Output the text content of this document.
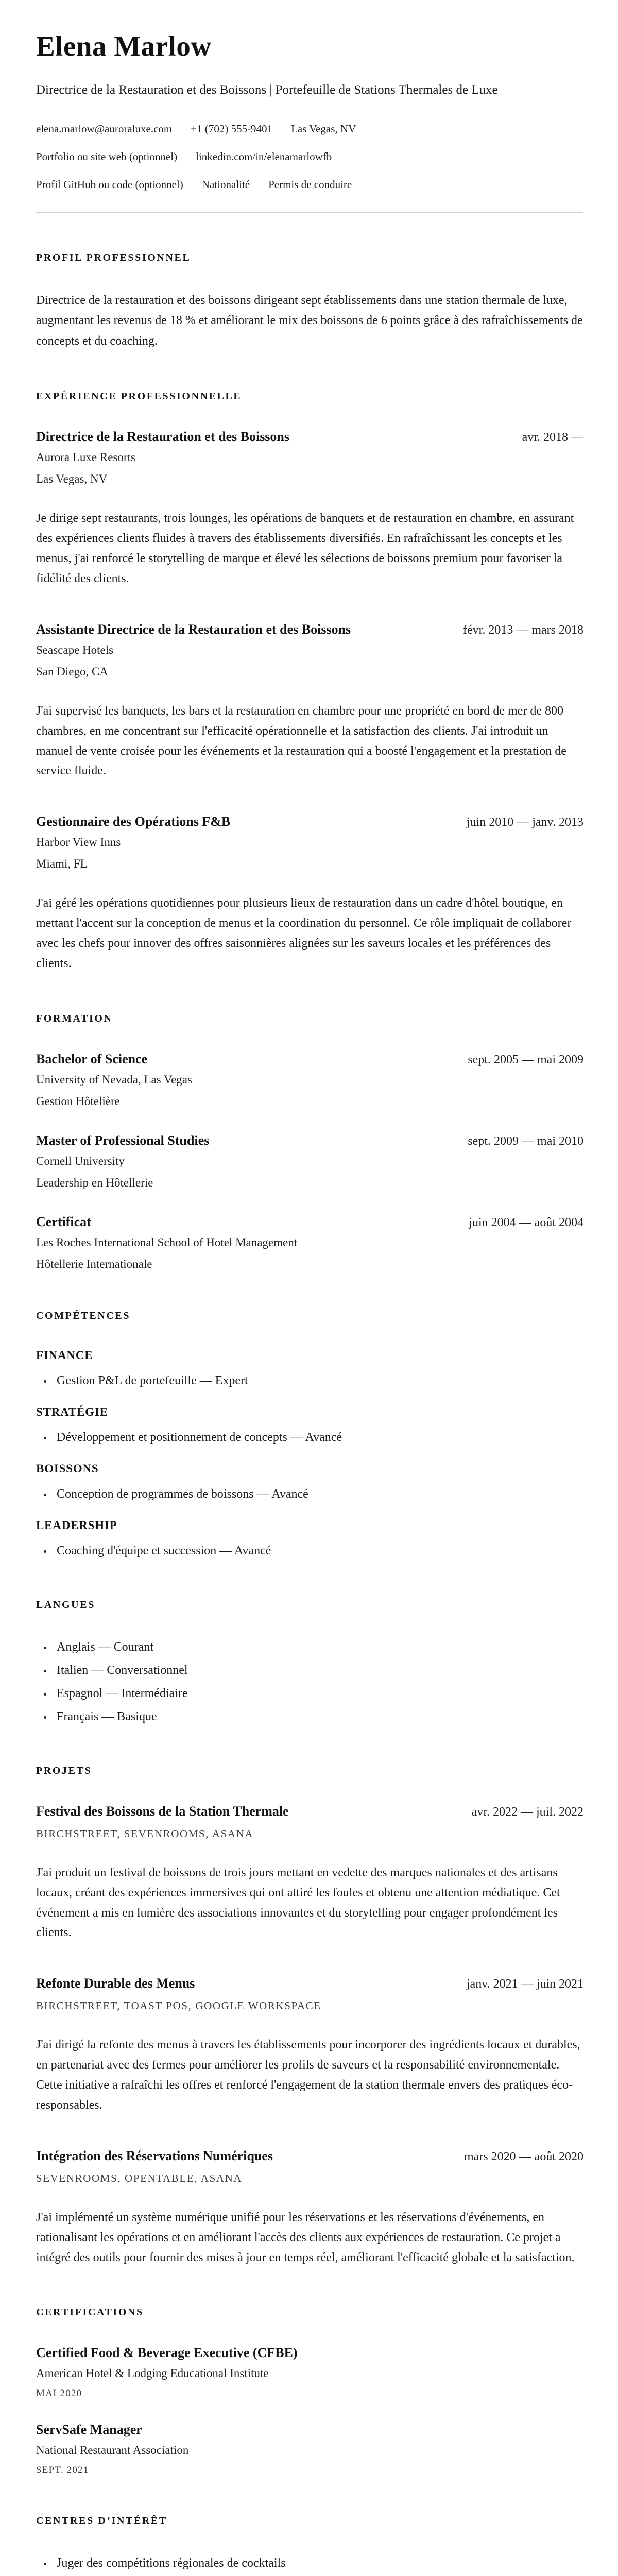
Elena Marlow

Directrice de la Restauration et des Boissons | Portefeuille de Stations Thermales de Luxe

elena.marlow@auroraluxe.com +1 (702) 555-9401 Las Vegas, NV
Portfolio ou site web (optionnel) linkedin.com/in/elenamarlowfb
Profil GitHub ou code (optionnel) Nationalité Permis de conduire
PROFIL PROFESSIONNEL

Directrice de la restauration et des boissons dirigeant sept établissements dans une station thermale de luxe, augmentant les revenus de 18 % et améliorant le mix des boissons de 6 points grâce à des rafraîchissements de concepts et du coaching.

EXPÉRIENCE PROFESSIONNELLE
Directrice de la Restauration et des Boissons	avr. 2018 —

Aurora Luxe Resorts

Las Vegas, NV

Je dirige sept restaurants, trois lounges, les opérations de banquets et de restauration en chambre, en assurant des expériences clients fluides à travers des établissements diversifiés. En rafraîchissant les concepts et les menus, j'ai renforcé le storytelling de marque et élevé les sélections de boissons premium pour favoriser la fidélité des clients.

Assistante Directrice de la Restauration et des Boissons	févr. 2013 — mars 2018

Seascape Hotels

San Diego, CA

J'ai supervisé les banquets, les bars et la restauration en chambre pour une propriété en bord de mer de 800 chambres, en me concentrant sur l'efficacité opérationnelle et la satisfaction des clients. J'ai introduit un manuel de vente croisée pour les événements et la restauration qui a boosté l'engagement et la prestation de service fluide.

Gestionnaire des Opérations F&B	juin 2010 — janv. 2013

Harbor View Inns

Miami, FL

J'ai géré les opérations quotidiennes pour plusieurs lieux de restauration dans un cadre d'hôtel boutique, en mettant l'accent sur la conception de menus et la coordination du personnel. Ce rôle impliquait de collaborer avec les chefs pour innover des offres saisonnières alignées sur les saveurs locales et les préférences des clients.

FORMATION
Bachelor of Science	sept. 2005 — mai 2009

University of Nevada, Las Vegas

Gestion Hôtelière

Master of Professional Studies	sept. 2009 — mai 2010

Cornell University

Leadership en Hôtellerie

Certificat	juin 2004 — août 2004

Les Roches International School of Hotel Management

Hôtellerie Internationale

COMPÉTENCES
FINANCE
• Gestion P&L de portefeuille — Expert
STRATÉGIE
• Développement et positionnement de concepts — Avancé
BOISSONS
• Conception de programmes de boissons — Avancé
LEADERSHIP
• Coaching d'équipe et succession — Avancé
LANGUES
• Anglais — Courant
• Italien — Conversationnel
• Espagnol — Intermédiaire
• Français — Basique
PROJETS
Festival des Boissons de la Station Thermale	avr. 2022 — juil. 2022

BIRCHSTREET, SEVENROOMS, ASANA

J'ai produit un festival de boissons de trois jours mettant en vedette des marques nationales et des artisans locaux, créant des expériences immersives qui ont attiré les foules et obtenu une attention médiatique. Cet événement a mis en lumière des associations innovantes et du storytelling pour engager profondément les clients.

Refonte Durable des Menus	janv. 2021 — juin 2021

BIRCHSTREET, TOAST POS, GOOGLE WORKSPACE

J'ai dirigé la refonte des menus à travers les établissements pour incorporer des ingrédients locaux et durables, en partenariat avec des fermes pour améliorer les profils de saveurs et la responsabilité environnementale. Cette initiative a rafraîchi les offres et renforcé l'engagement de la station thermale envers des pratiques éco-responsables.

Intégration des Réservations Numériques	mars 2020 — août 2020

SEVENROOMS, OPENTABLE, ASANA

J'ai implémenté un système numérique unifié pour les réservations et les réservations d'événements, en rationalisant les opérations et en améliorant l'accès des clients aux expériences de restauration. Ce projet a intégré des outils pour fournir des mises à jour en temps réel, améliorant l'efficacité globale et la satisfaction.

CERTIFICATIONS
Certified Food & Beverage Executive (CFBE)

American Hotel & Lodging Educational Institute

MAI 2020

ServSafe Manager

National Restaurant Association

SEPT. 2021

CENTRES D’INTÉRÊT
• Juger des compétitions régionales de cocktails
